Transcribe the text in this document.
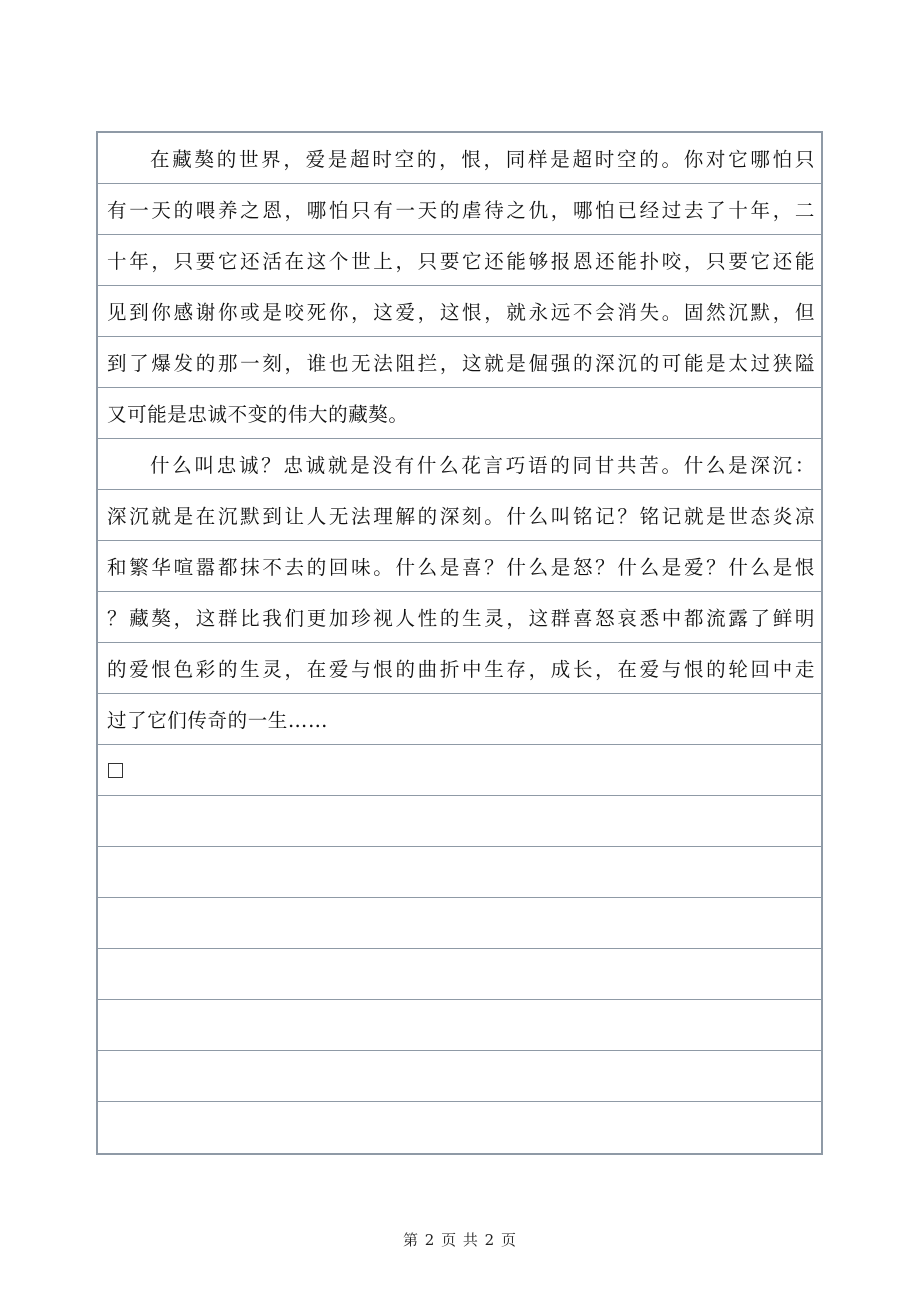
在藏獒的世界，爱是超时空的，恨，同样是超时空的。你对它哪怕只
有一天的喂养之恩，哪怕只有一天的虐待之仇，哪怕已经过去了十年，二
十年，只要它还活在这个世上，只要它还能够报恩还能扑咬，只要它还能
见到你感谢你或是咬死你，这爱，这恨，就永远不会消失。固然沉默，但
到了爆发的那一刻，谁也无法阻拦，这就是倔强的深沉的可能是太过狭隘
又可能是忠诚不变的伟大的藏獒。
什么叫忠诚？忠诚就是没有什么花言巧语的同甘共苦。什么是深沉：
深沉就是在沉默到让人无法理解的深刻。什么叫铭记？铭记就是世态炎凉
和繁华喧嚣都抹不去的回味。什么是喜？什么是怒？什么是爱？什么是恨
？藏獒，这群比我们更加珍视人性的生灵，这群喜怒哀悉中都流露了鲜明
的爱恨色彩的生灵，在爱与恨的曲折中生存，成长，在爱与恨的轮回中走
过了它们传奇的一生……
第 2 页 共 2 页
